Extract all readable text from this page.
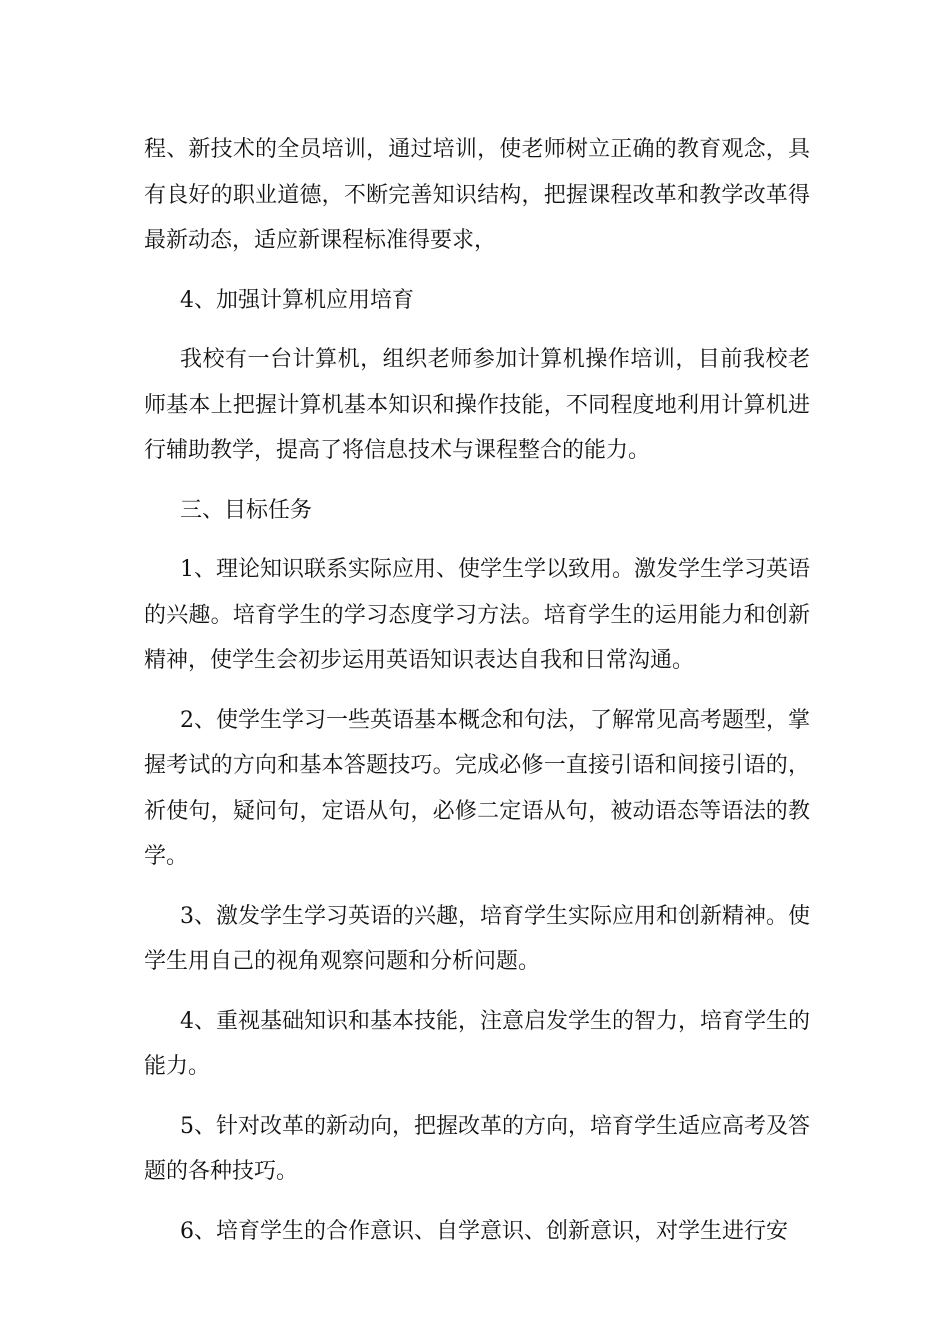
程、新技术的全员培训，通过培训，使老师树立正确的教育观念，具有良好的职业道德，不断完善知识结构，把握课程改革和教学改革得最新动态，适应新课程标准得要求，

4、加强计算机应用培育

我校有一台计算机，组织老师参加计算机操作培训，目前我校老师基本上把握计算机基本知识和操作技能，不同程度地利用计算机进行辅助教学，提高了将信息技术与课程整合的能力。

三、目标任务

1、理论知识联系实际应用、使学生学以致用。激发学生学习英语的兴趣。培育学生的学习态度学习方法。培育学生的运用能力和创新精神，使学生会初步运用英语知识表达自我和日常沟通。

2、使学生学习一些英语基本概念和句法，了解常见高考题型，掌握考试的方向和基本答题技巧。完成必修一直接引语和间接引语的，祈使句，疑问句，定语从句，必修二定语从句，被动语态等语法的教学。

3、激发学生学习英语的兴趣，培育学生实际应用和创新精神。使学生用自己的视角观察问题和分析问题。

4、重视基础知识和基本技能，注意启发学生的智力，培育学生的能力。

5、针对改革的新动向，把握改革的方向，培育学生适应高考及答题的各种技巧。

6、培育学生的合作意识、自学意识、创新意识，对学生进行安
